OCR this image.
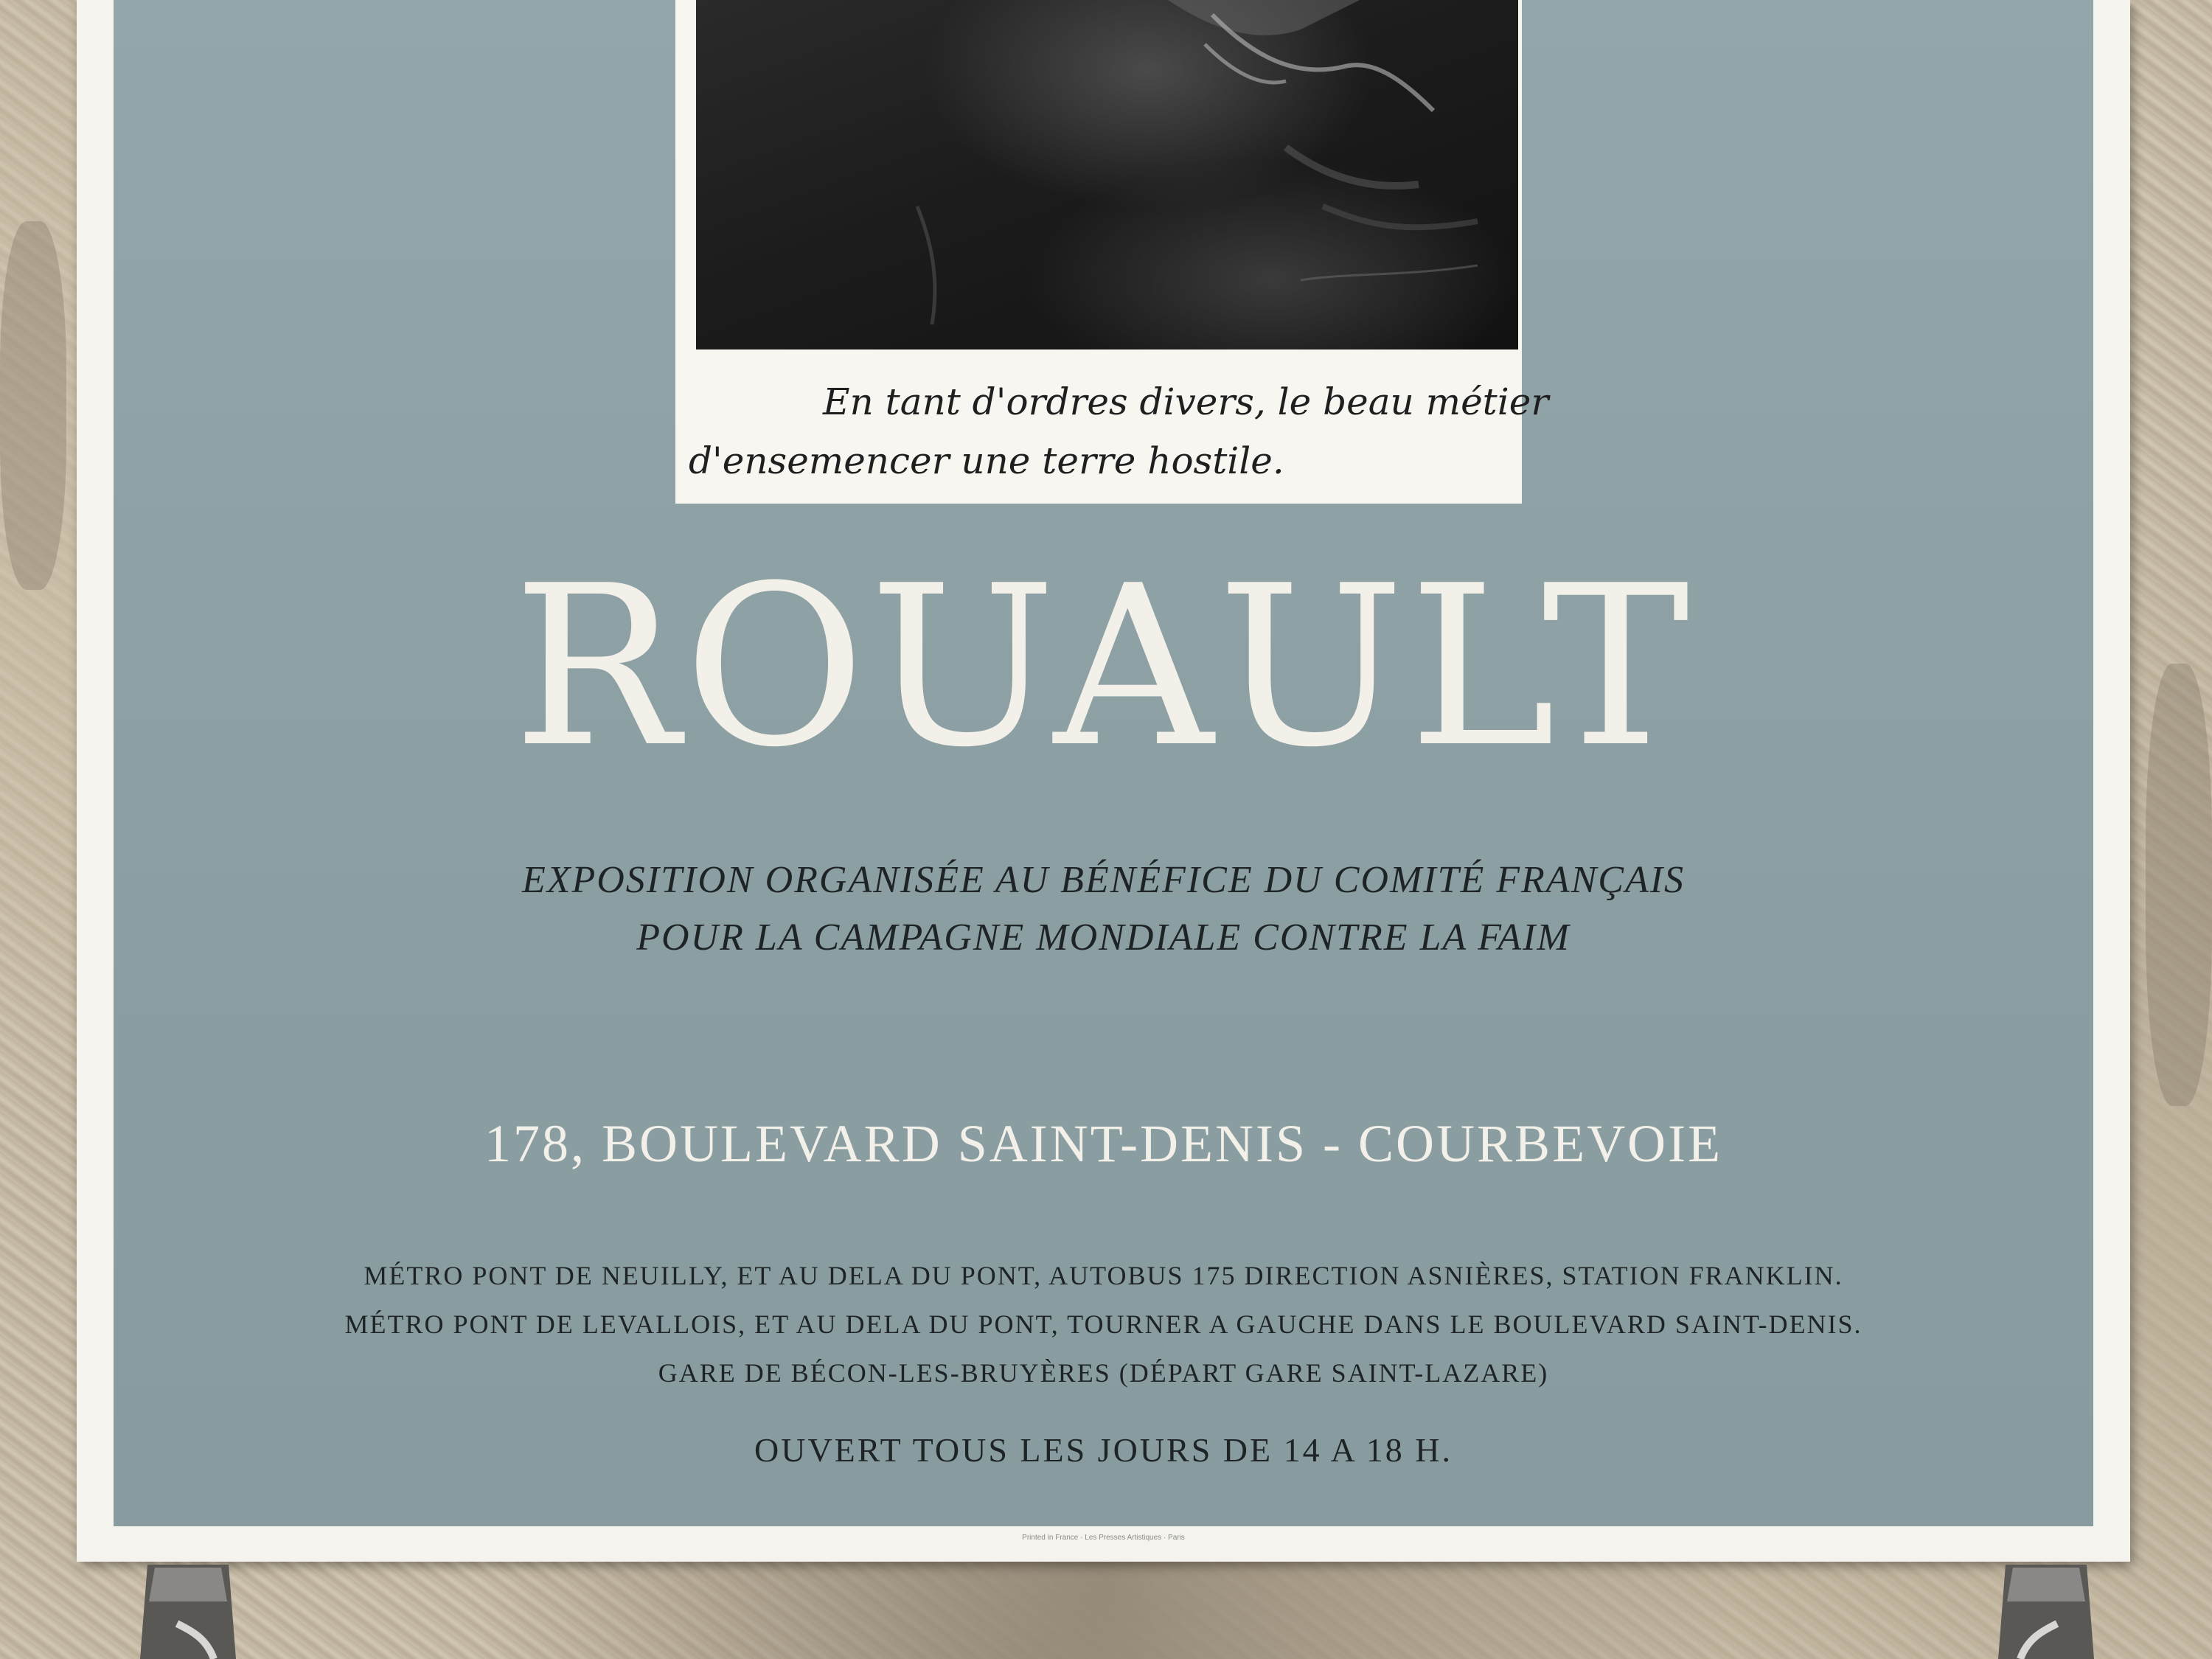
En tant d'ordres divers, le beau métier
d'ensemencer une terre hostile.
ROUAULT
EXPOSITION ORGANISÉE AU BÉNÉFICE DU COMITÉ FRANÇAIS
POUR LA CAMPAGNE MONDIALE CONTRE LA FAIM
178, BOULEVARD SAINT-DENIS - COURBEVOIE
MÉTRO PONT DE NEUILLY, ET AU DELA DU PONT, AUTOBUS 175 DIRECTION ASNIÈRES, STATION FRANKLIN.
MÉTRO PONT DE LEVALLOIS, ET AU DELA DU PONT, TOURNER A GAUCHE DANS LE BOULEVARD SAINT-DENIS.
GARE DE BÉCON-LES-BRUYÈRES (DÉPART GARE SAINT-LAZARE)
OUVERT TOUS LES JOURS DE 14 A 18 H.
Printed in France · Les Presses Artistiques · Paris
